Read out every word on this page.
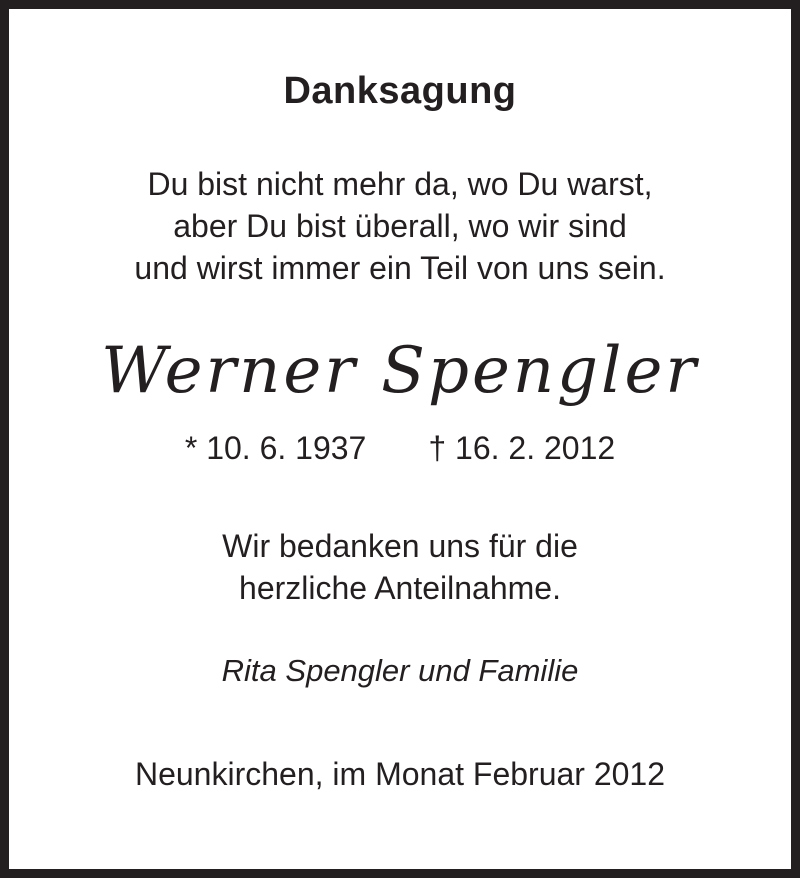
Danksagung

Du bist nicht mehr da, wo Du warst,

aber Du bist überall, wo wir sind

und wirst immer ein Teil von uns sein.

Werner Spengler
* 10. 6. 1937 † 16. 2. 2012

Wir bedanken uns für die

herzliche Anteilnahme.

Rita Spengler und Familie
Neunkirchen, im Monat Februar 2012
